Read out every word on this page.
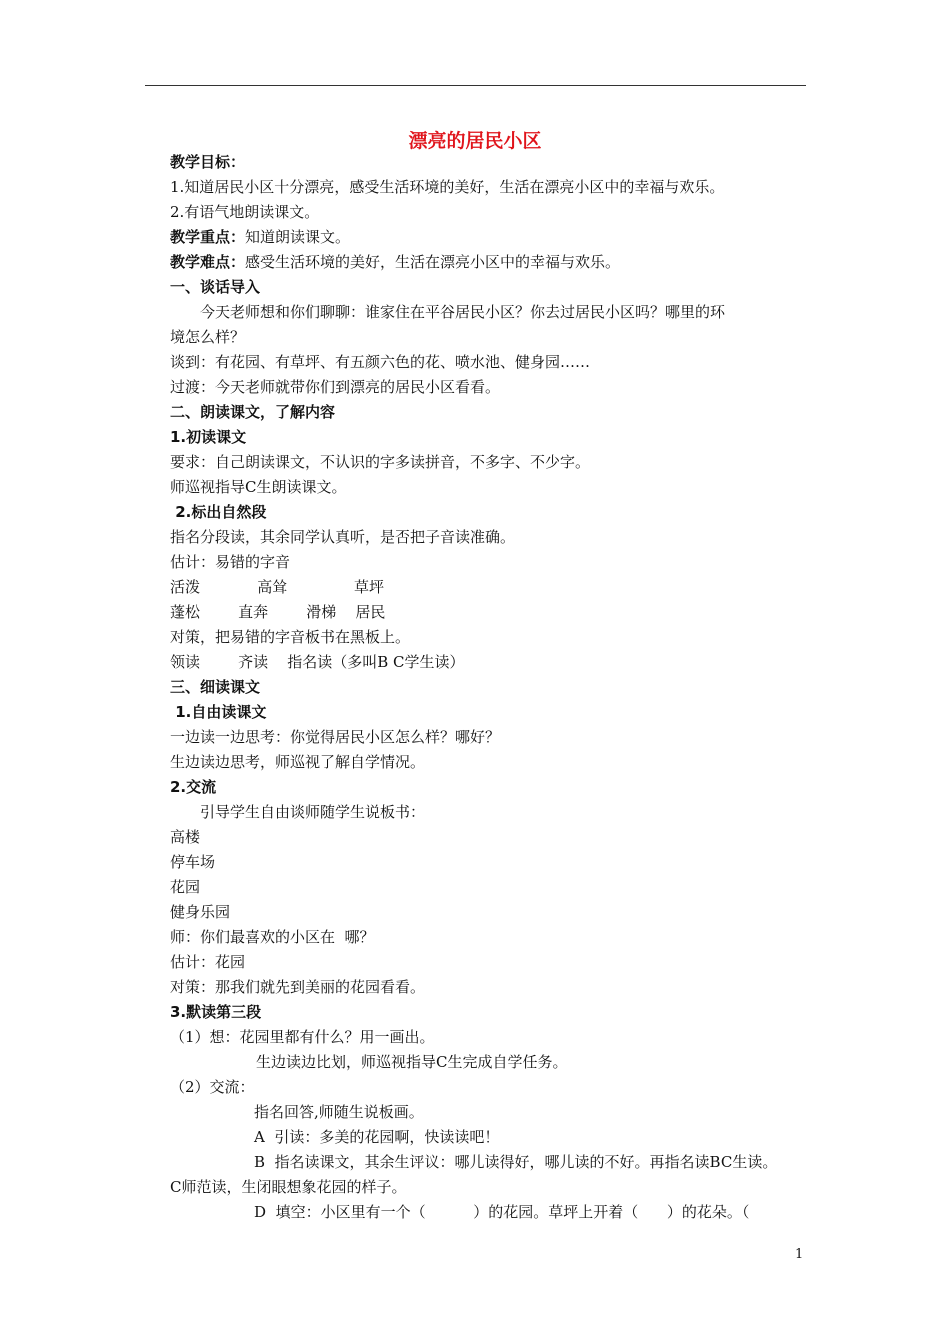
漂亮的居民小区
教学目标：
1.知道居民小区十分漂亮，感受生活环境的美好，生活在漂亮小区中的幸福与欢乐。
2.有语气地朗读课文。
教学重点：知道朗读课文。
教学难点：感受生活环境的美好，生活在漂亮小区中的幸福与欢乐。
一、谈话导入
今天老师想和你们聊聊：谁家住在平谷居民小区？你去过居民小区吗？哪里的环
境怎么样？
谈到：有花园、有草坪、有五颜六色的花、喷水池、健身园……
过渡：今天老师就带你们到漂亮的居民小区看看。
二、朗读课文，了解内容
1.初读课文
要求：自己朗读课文，不认识的字多读拼音，不多字、不少字。
师巡视指导C生朗读课文。
2.标出自然段
指名分段读，其余同学认真听，是否把子音读准确。
估计：易错的字音
活泼            高耸              草坪
蓬松        直奔        滑梯    居民
对策，把易错的字音板书在黑板上。
领读        齐读    指名读（多叫B C学生读）
三、细读课文
1.自由读课文
一边读一边思考：你觉得居民小区怎么样？哪好？
生边读边思考，师巡视了解自学情况。
2.交流
引导学生自由谈师随学生说板书：
高楼
停车场
花园
健身乐园
师：你们最喜欢的小区在  哪？
估计：花园
对策：那我们就先到美丽的花园看看。
3.默读第三段
（1）想：花园里都有什么？用一画出。
生边读边比划，师巡视指导C生完成自学任务。
（2）交流：
指名回答,师随生说板画。
A  引读：多美的花园啊，快读读吧！
B  指名读课文，其余生评议：哪儿读得好，哪儿读的不好。再指名读BC生读。
C师范读，生闭眼想象花园的样子。
D  填空：小区里有一个（          ）的花园。草坪上开着（      ）的花朵。（
1
